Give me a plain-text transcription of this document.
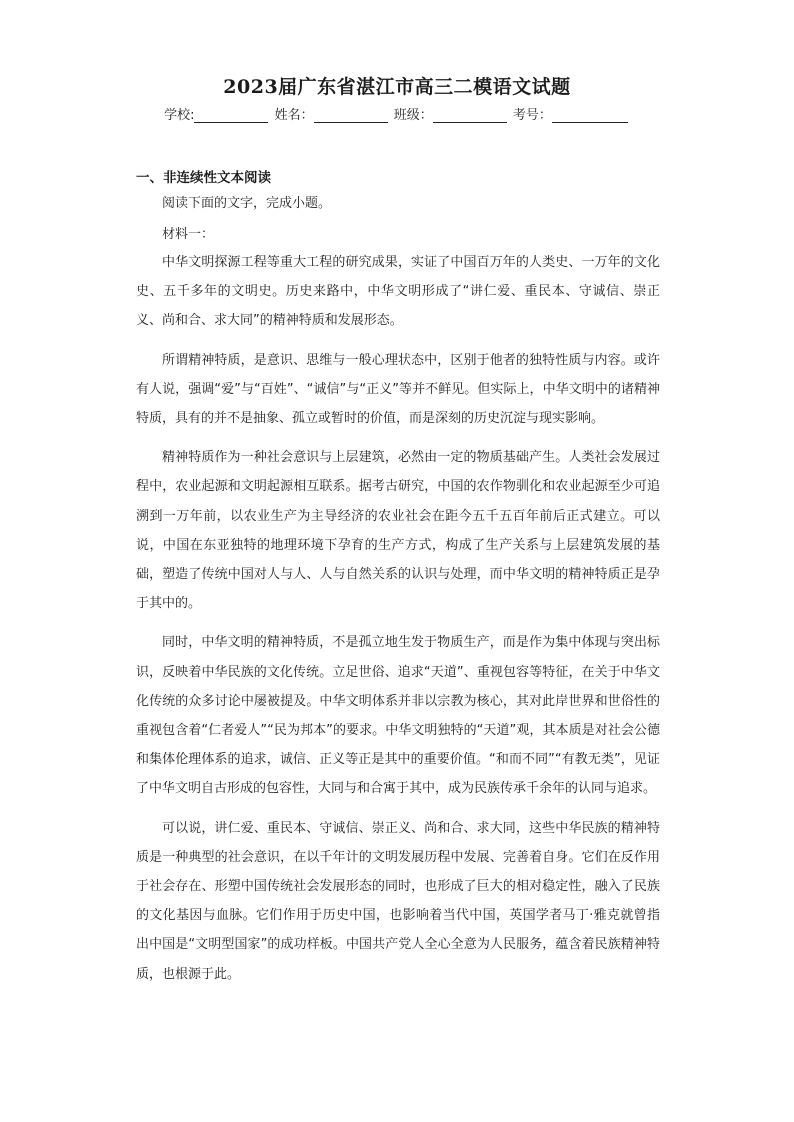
2023届广东省湛江市高三二模语文试题
学校:	姓名：	班级：	考号：
一、非连续性文本阅读
阅读下面的文字，完成小题。
材料一：

中华文明探源工程等重大工程的研究成果，实证了中国百万年的人类史、一万年的文化史、五千多年的文明史。历史来路中，中华文明形成了“讲仁爱、重民本、守诚信、崇正义、尚和合、求大同”的精神特质和发展形态。

所谓精神特质，是意识、思维与一般心理状态中，区别于他者的独特性质与内容。或许有人说，强调“爱”与“百姓”、“诚信”与“正义”等并不鲜见。但实际上，中华文明中的诸精神特质，具有的并不是抽象、孤立或暂时的价值，而是深刻的历史沉淀与现实影响。

精神特质作为一种社会意识与上层建筑，必然由一定的物质基础产生。人类社会发展过程中，农业起源和文明起源相互联系。据考古研究，中国的农作物驯化和农业起源至少可追溯到一万年前，以农业生产为主导经济的农业社会在距今五千五百年前后正式建立。可以说，中国在东亚独特的地理环境下孕育的生产方式，构成了生产关系与上层建筑发展的基础，塑造了传统中国对人与人、人与自然关系的认识与处理，而中华文明的精神特质正是孕于其中的。

同时，中华文明的精神特质，不是孤立地生发于物质生产，而是作为集中体现与突出标识，反映着中华民族的文化传统。立足世俗、追求“天道”、重视包容等特征，在关于中华文化传统的众多讨论中屡被提及。中华文明体系并非以宗教为核心，其对此岸世界和世俗性的重视包含着“仁者爱人”“民为邦本”的要求。中华文明独特的“天道”观，其本质是对社会公德和集体伦理体系的追求，诚信、正义等正是其中的重要价值。“和而不同”“有教无类”，见证了中华文明自古形成的包容性，大同与和合寓于其中，成为民族传承千余年的认同与追求。

可以说，讲仁爱、重民本、守诚信、崇正义、尚和合、求大同，这些中华民族的精神特质是一种典型的社会意识，在以千年计的文明发展历程中发展、完善着自身。它们在反作用于社会存在、形塑中国传统社会发展形态的同时，也形成了巨大的相对稳定性，融入了民族的文化基因与血脉。它们作用于历史中国，也影响着当代中国，英国学者马丁·雅克就曾指出中国是“文明型国家”的成功样板。中国共产党人全心全意为人民服务，蕴含着民族精神特质，也根源于此。
